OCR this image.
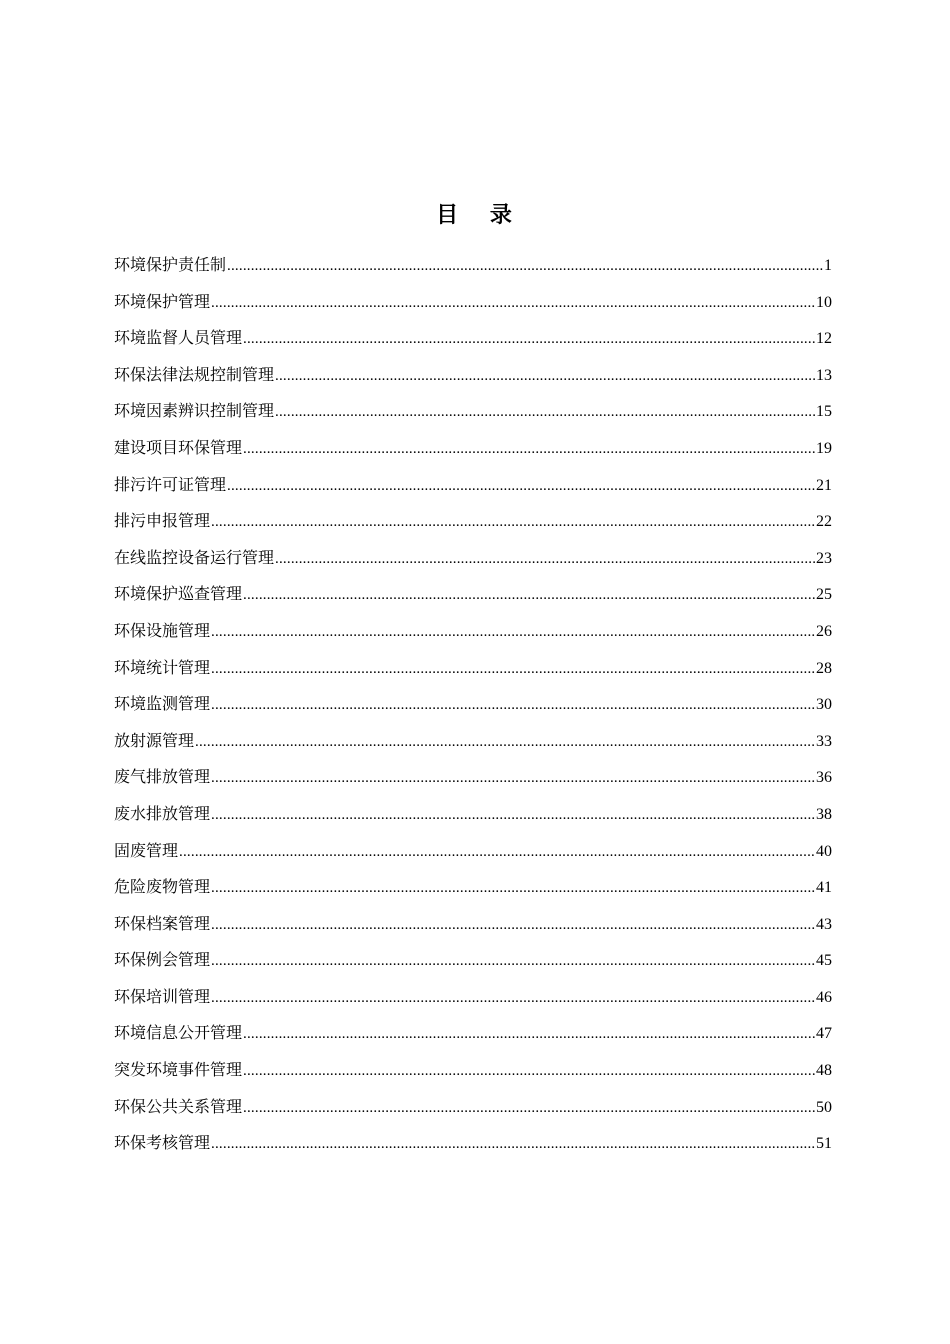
目 录
环境保护责任制 .....	1
环境保护管理 .....	10
环境监督人员管理 .....	12
环保法律法规控制管理 .....	13
环境因素辨识控制管理 .....	15
建设项目环保管理 .....	19
排污许可证管理 .....	21
排污申报管理 .....	22
在线监控设备运行管理 .....	23
环境保护巡查管理 .....	25
环保设施管理 .....	26
环境统计管理 .....	28
环境监测管理 .....	30
放射源管理 .....	33
废气排放管理 .....	36
废水排放管理 .....	38
固废管理 .....	40
危险废物管理 .....	41
环保档案管理 .....	43
环保例会管理 .....	45
环保培训管理 .....	46
环境信息公开管理 .....	47
突发环境事件管理 .....	48
环保公共关系管理 .....	50
环保考核管理 .....	51
